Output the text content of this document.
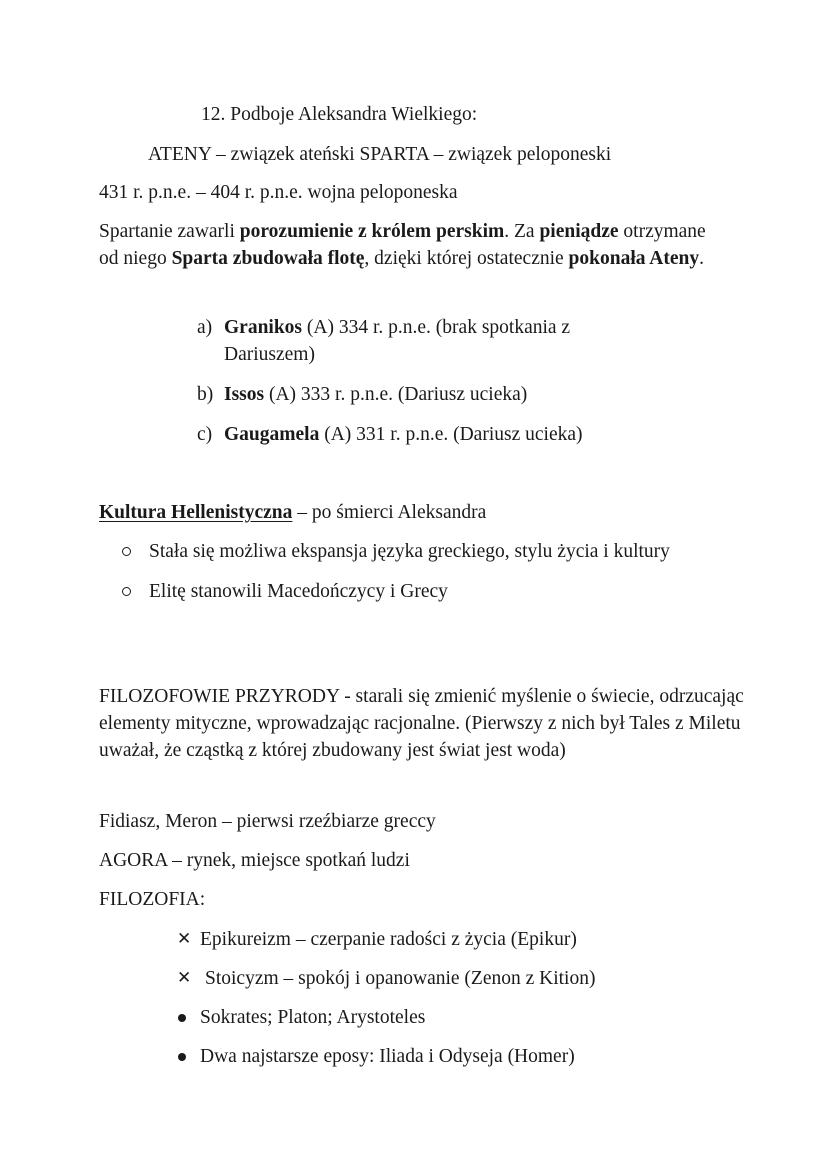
12. Podboje Aleksandra Wielkiego:
ATENY – związek ateński SPARTA – związek peloponeski
431 r. p.n.e. – 404 r. p.n.e. wojna peloponeska
Spartanie zawarli porozumienie z królem perskim. Za pieniądze otrzymane od niego Sparta zbudowała flotę, dzięki której ostatecznie pokonała Ateny.
a) Granikos (A) 334 r. p.n.e. (brak spotkania z Dariuszem)
b) Issos (A) 333 r. p.n.e. (Dariusz ucieka)
c) Gaugamela (A) 331 r. p.n.e. (Dariusz ucieka)
Kultura Hellenistyczna – po śmierci Aleksandra
Stała się możliwa ekspansja języka greckiego, stylu życia i kultury
Elitę stanowili Macedończycy i Grecy
FILOZOFOWIE PRZYRODY - starali się zmienić myślenie o świecie, odrzucając elementy mityczne, wprowadzając racjonalne. (Pierwszy z nich był Tales z Miletu uważał, że cząstką z której zbudowany jest świat jest woda)
Fidiasz, Meron – pierwsi rzeźbiarze greccy
AGORA – rynek, miejsce spotkań ludzi
FILOZOFIA:
✕ Epikureizm – czerpanie radości z życia (Epikur)
✕ Stoicyzm – spokój i opanowanie (Zenon z Kition)
Sokrates; Platon; Arystoteles
Dwa najstarsze eposy: Iliada i Odyseja (Homer)
